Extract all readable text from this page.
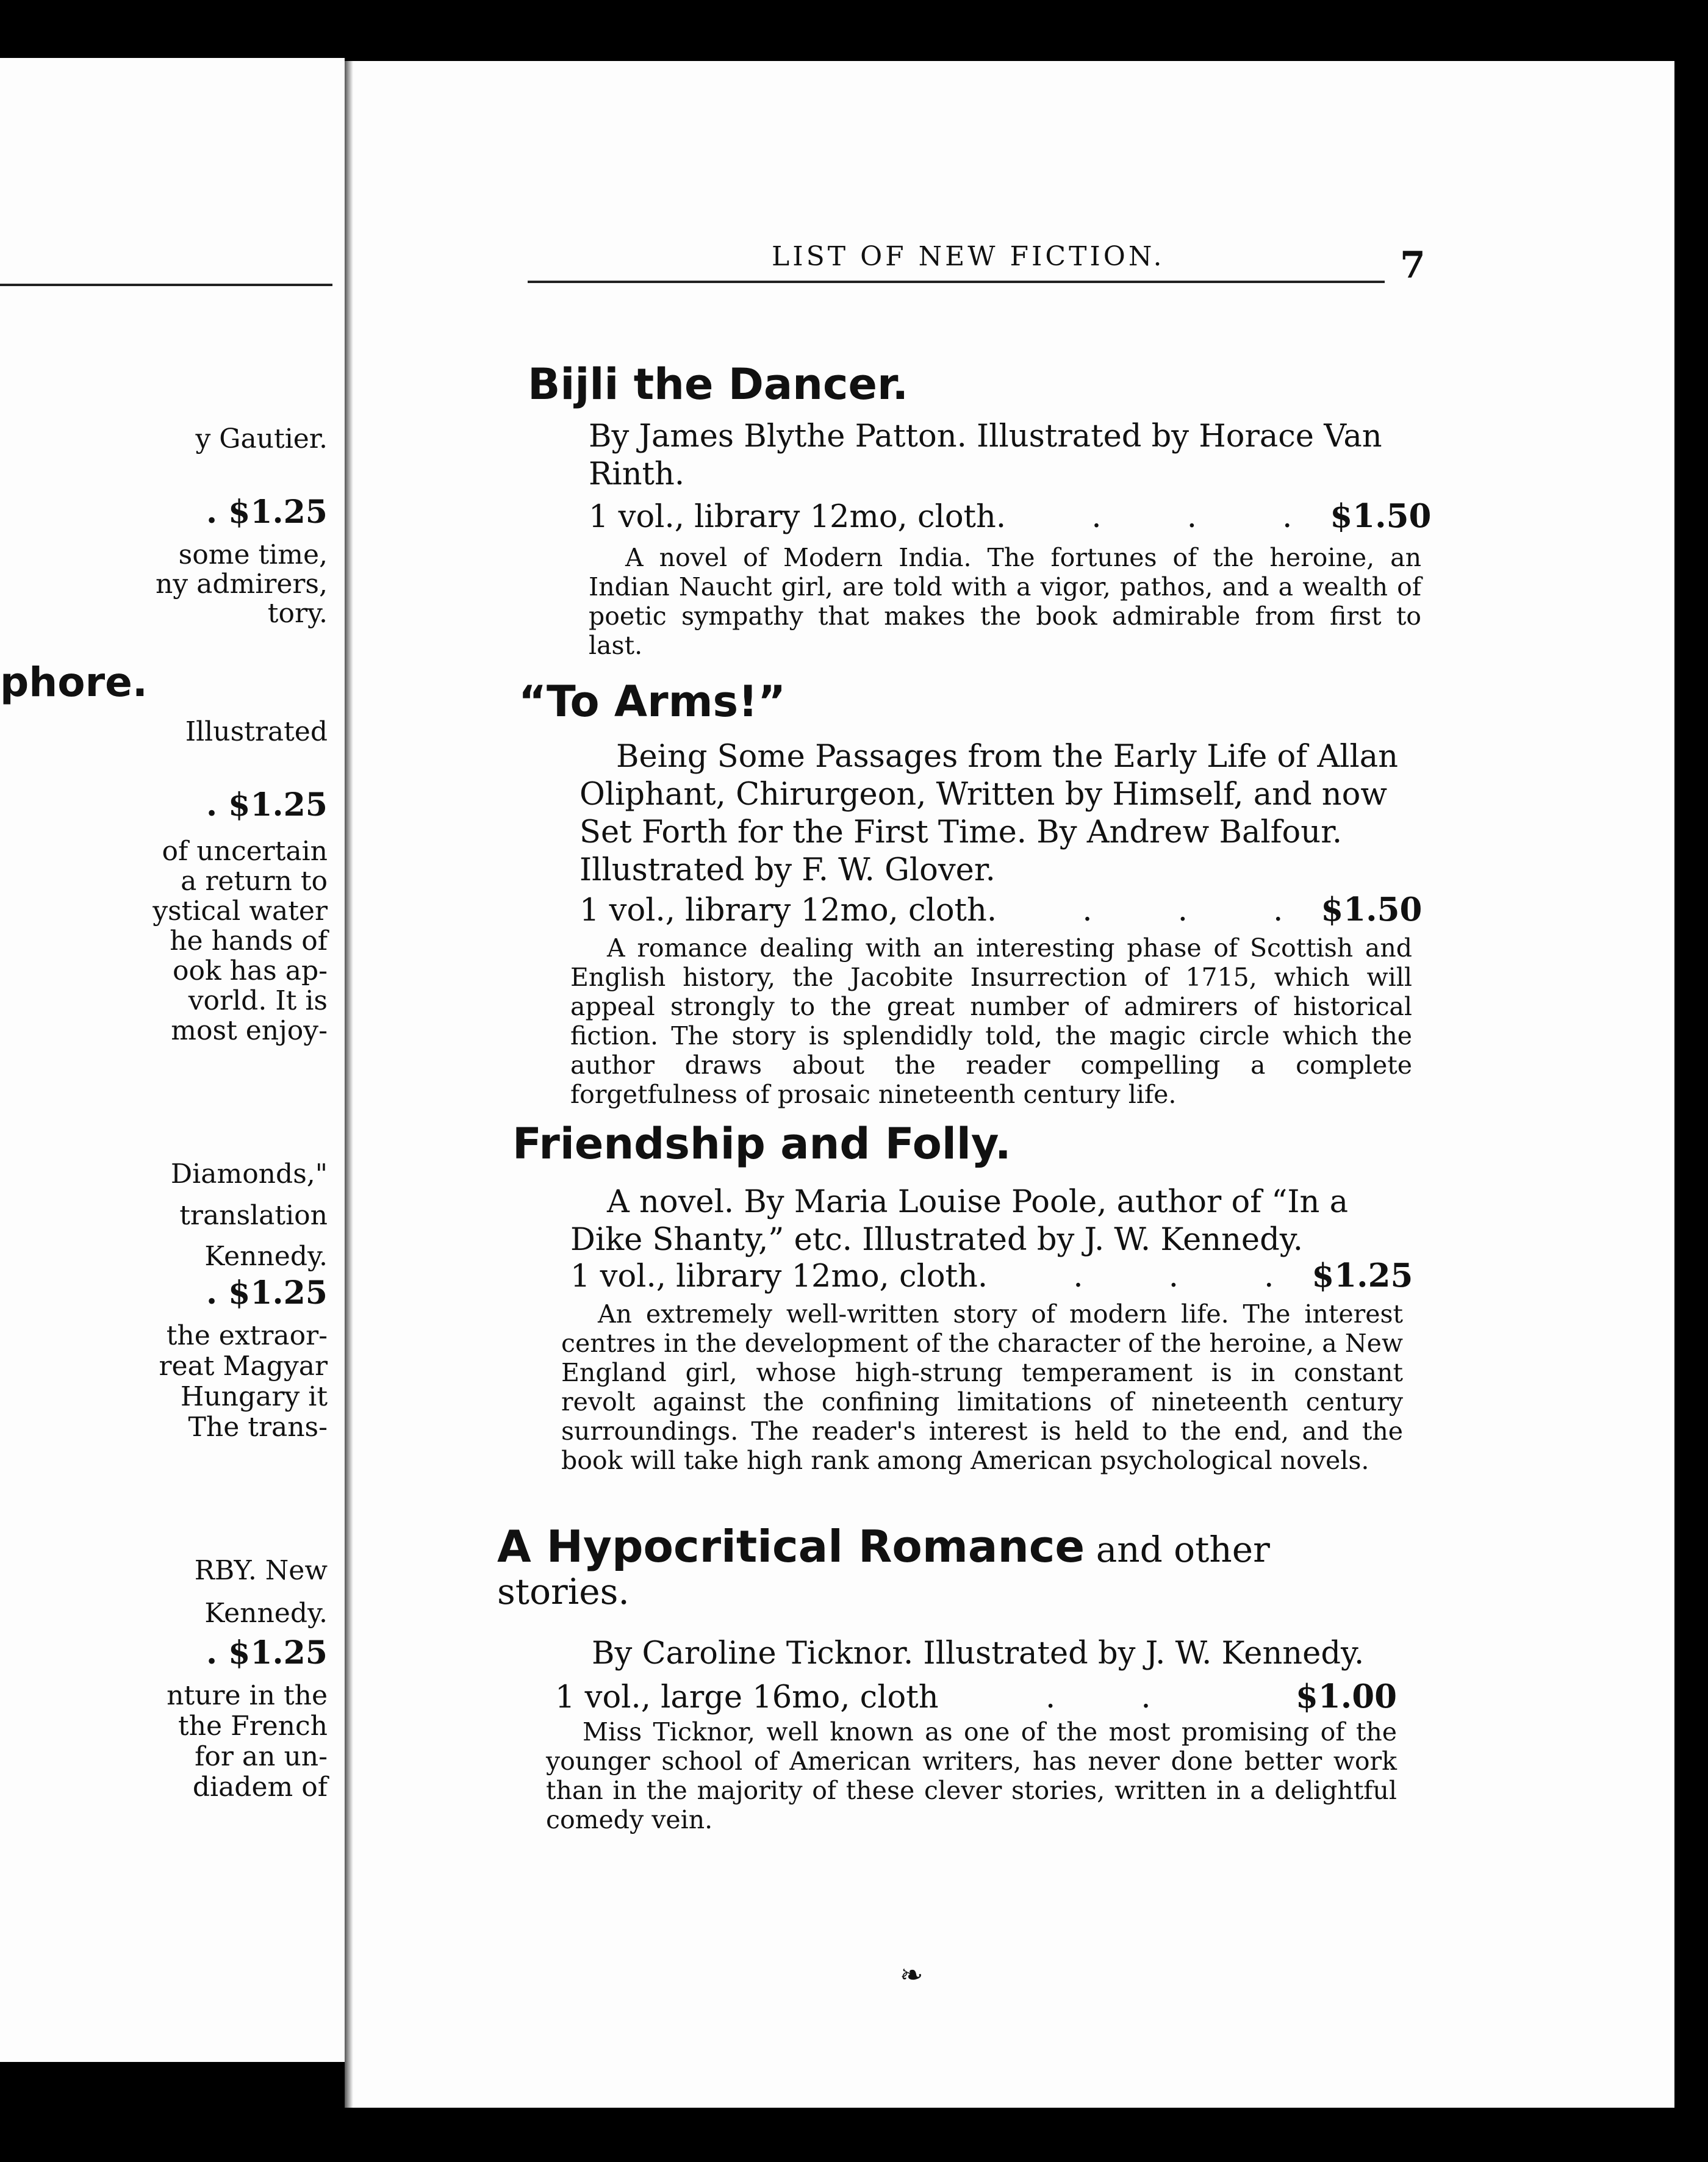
y Gautier.
. $1.25
some time,
ny admirers,
tory.
phore.
Illustrated
. $1.25
of uncertain
a return to
ystical water
he hands of
ook has ap-
vorld. It is
most enjoy-
Diamonds,"
translation
Kennedy.
. $1.25
the extraor-
reat Magyar
Hungary it
The trans-
RBY. New
Kennedy.
. $1.25
nture in the
the French
for an un-
diadem of
LIST OF NEW FICTION.	7
Bijli the Dancer.
By James Blythe Patton. Illustrated by Horace Van Rinth.
1 vol., library 12mo, cloth . . . . $1.50
A novel of Modern India. The fortunes of the heroine, an Indian Naucht girl, are told with a vigor, pathos, and a wealth of poetic sympathy that makes the book admirable from first to last.
“To Arms!”
Being Some Passages from the Early Life of Allan Oliphant, Chirurgeon, Written by Himself, and now Set Forth for the First Time. By Andrew Balfour. Illustrated by F. W. Glover.
1 vol., library 12mo, cloth . . . . $1.50
A romance dealing with an interesting phase of Scottish and English history, the Jacobite Insurrection of 1715, which will appeal strongly to the great number of admirers of historical fiction. The story is splendidly told, the magic circle which the author draws about the reader compelling a complete forgetfulness of prosaic nineteenth century life.
Friendship and Folly.
A novel. By Maria Louise Poole, author of “In a Dike Shanty,” etc. Illustrated by J. W. Kennedy.
1 vol., library 12mo, cloth . . . . $1.25
An extremely well-written story of modern life. The interest centres in the development of the character of the heroine, a New England girl, whose high-strung temperament is in constant revolt against the confining limitations of nineteenth century surroundings. The reader's interest is held to the end, and the book will take high rank among American psychological novels.
A Hypocritical Romance and other stories.
By Caroline Ticknor. Illustrated by J. W. Kennedy.
1 vol., large 16mo, cloth	. .	$1.00
Miss Ticknor, well known as one of the most promising of the younger school of American writers, has never done better work than in the majority of these clever stories, written in a delightful comedy vein.
❧
